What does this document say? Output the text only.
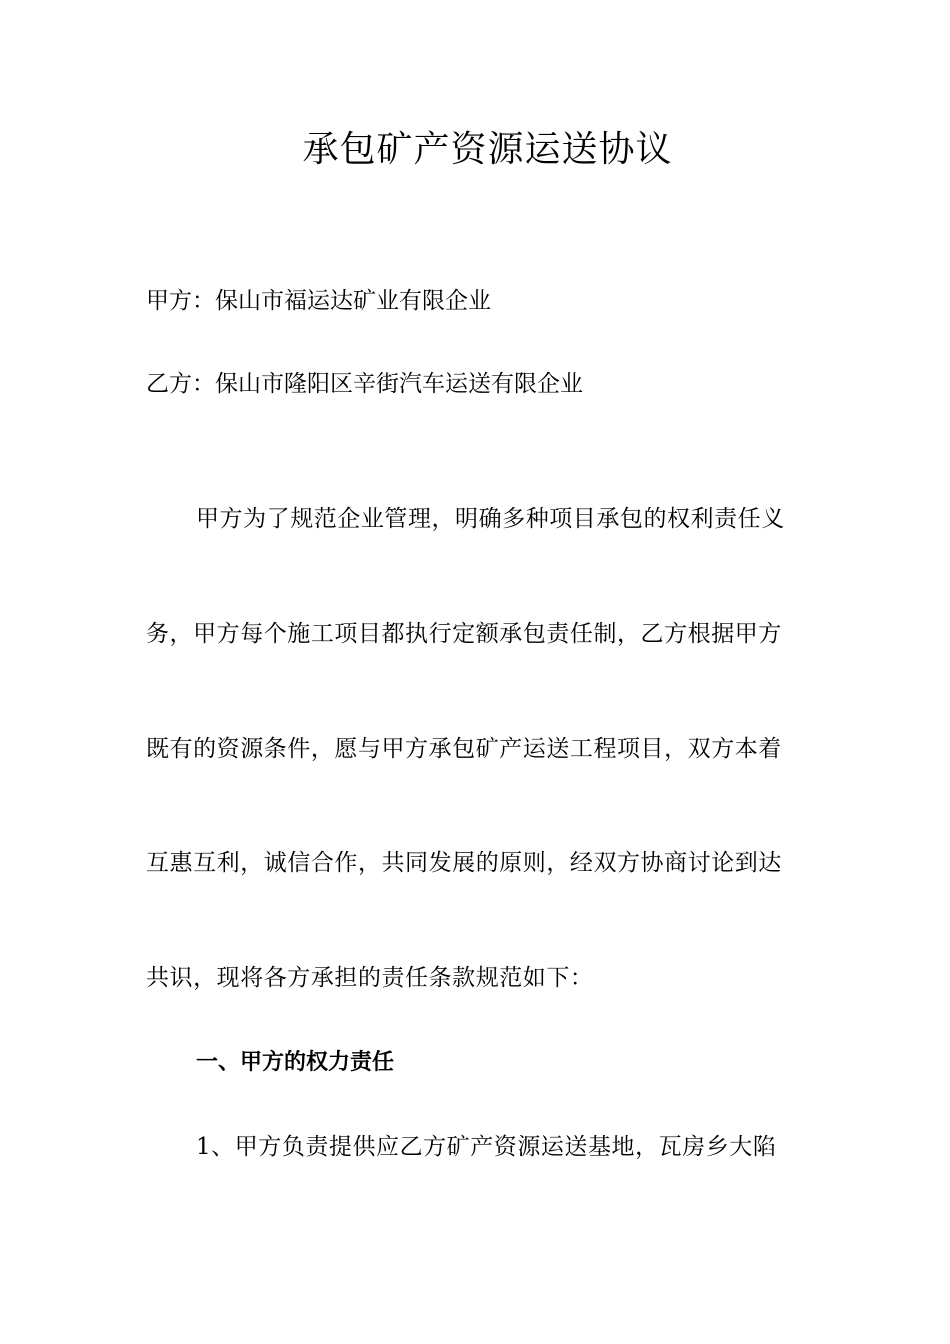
承包矿产资源运送协议
甲方：保山市福运达矿业有限企业
乙方：保山市隆阳区辛街汽车运送有限企业
甲方为了规范企业管理，明确多种项目承包的权利责任义
务，甲方每个施工项目都执行定额承包责任制，乙方根据甲方
既有的资源条件，愿与甲方承包矿产运送工程项目，双方本着
互惠互利，诚信合作，共同发展的原则，经双方协商讨论到达
共识，现将各方承担的责任条款规范如下：
一、甲方的权力责任
1、甲方负责提供应乙方矿产资源运送基地，瓦房乡大陷
